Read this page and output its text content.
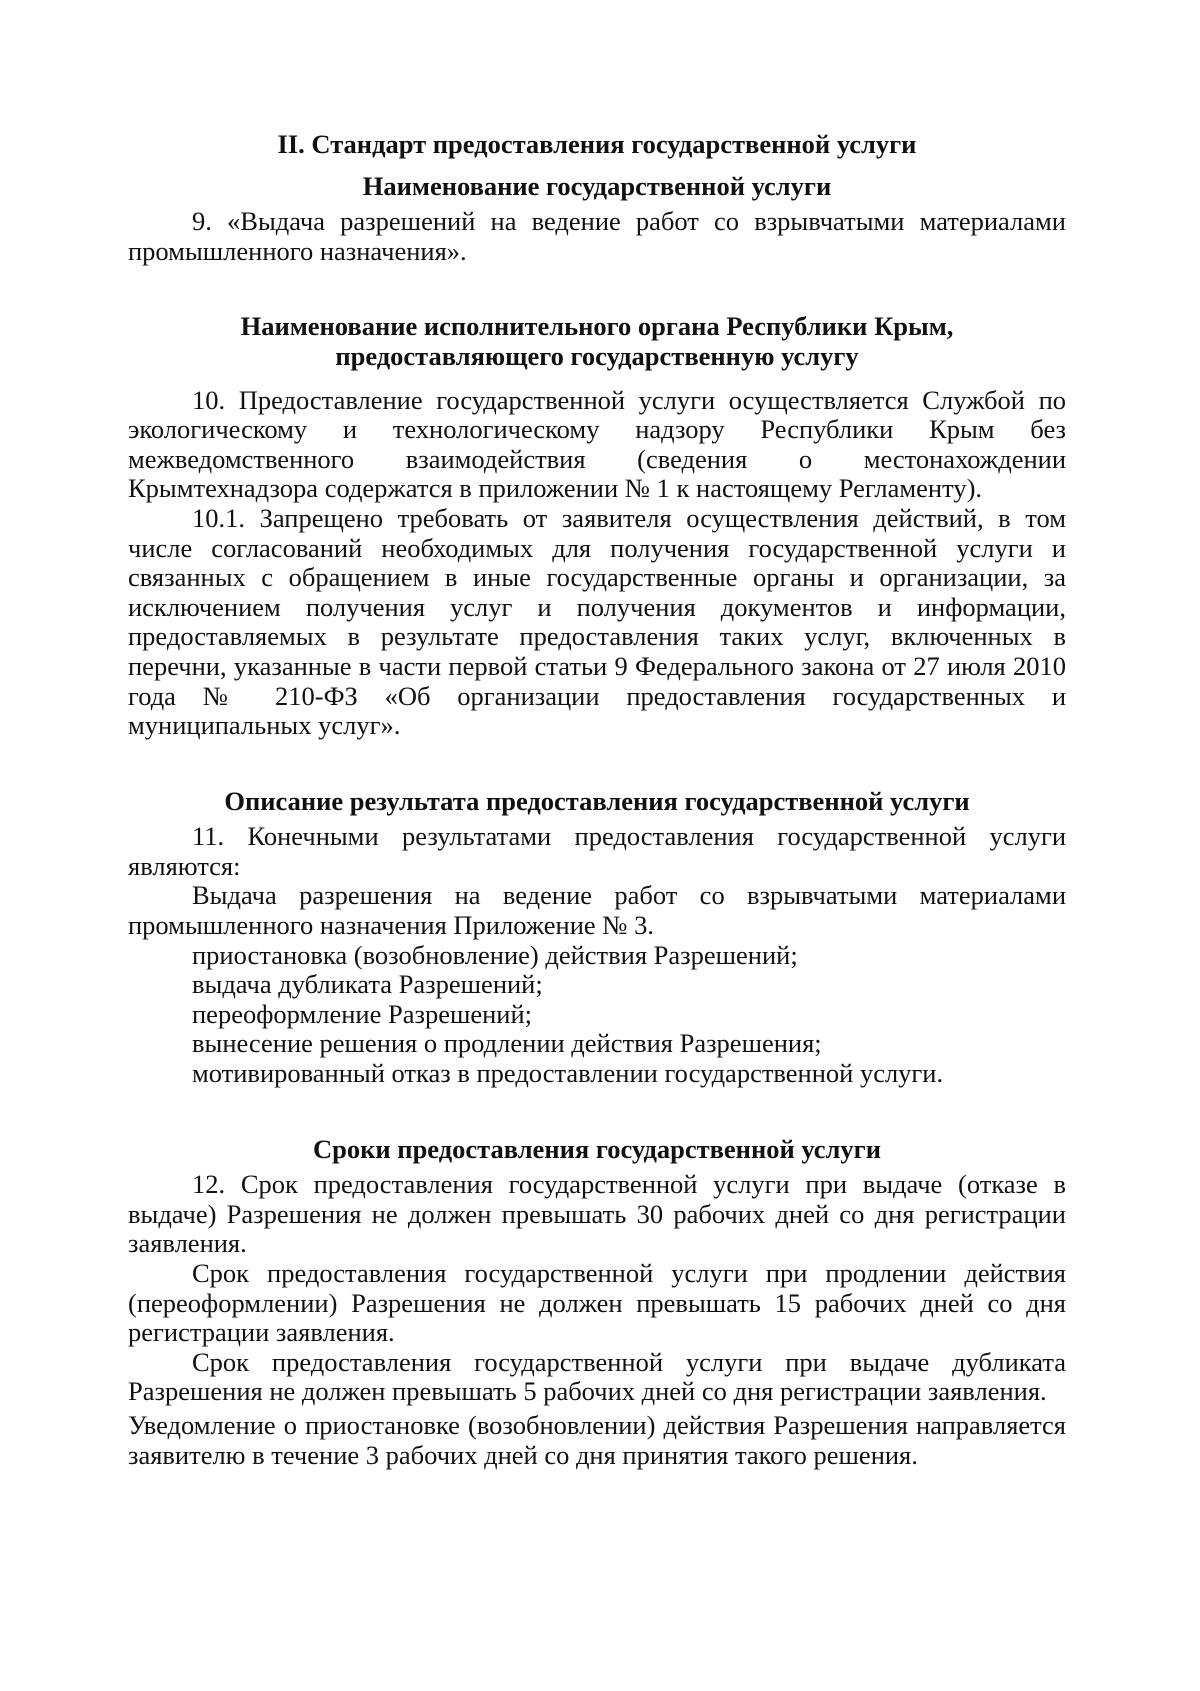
II. Стандарт предоставления государственной услуги

Наименование государственной услуги

9. «Выдача разрешений на ведение работ со взрывчатыми материалами промышленного назначения».

Наименование исполнительного органа Республики Крым, предоставляющего государственную услугу

10. Предоставление государственной услуги осуществляется Службой по экологическому и технологическому надзору Республики Крым без межведомственного взаимодействия (сведения о местонахождении Крымтехнадзора содержатся в приложении № 1 к настоящему Регламенту).

10.1. Запрещено требовать от заявителя осуществления действий, в том числе согласований необходимых для получения государственной услуги и связанных с обращением в иные государственные органы и организации, за исключением получения услуг и получения документов и информации, предоставляемых в результате предоставления таких услуг, включенных в перечни, указанные в части первой статьи 9 Федерального закона от 27 июля 2010 года № 210-ФЗ «Об организации предоставления государственных и муниципальных услуг».

Описание результата предоставления государственной услуги

11. Конечными результатами предоставления государственной услуги являются:

Выдача разрешения на ведение работ со взрывчатыми материалами промышленного назначения Приложение № 3.

приостановка (возобновление) действия Разрешений;

выдача дубликата Разрешений;

переоформление Разрешений;

вынесение решения о продлении действия Разрешения;

мотивированный отказ в предоставлении государственной услуги.

Сроки предоставления государственной услуги

12. Срок предоставления государственной услуги при выдаче (отказе в выдаче) Разрешения не должен превышать 30 рабочих дней со дня регистрации заявления.

Срок предоставления государственной услуги при продлении действия (переоформлении) Разрешения не должен превышать 15 рабочих дней со дня регистрации заявления.

Срок предоставления государственной услуги при выдаче дубликата Разрешения не должен превышать 5 рабочих дней со дня регистрации заявления.

Уведомление о приостановке (возобновлении) действия Разрешения направляется заявителю в течение 3 рабочих дней со дня принятия такого решения.
